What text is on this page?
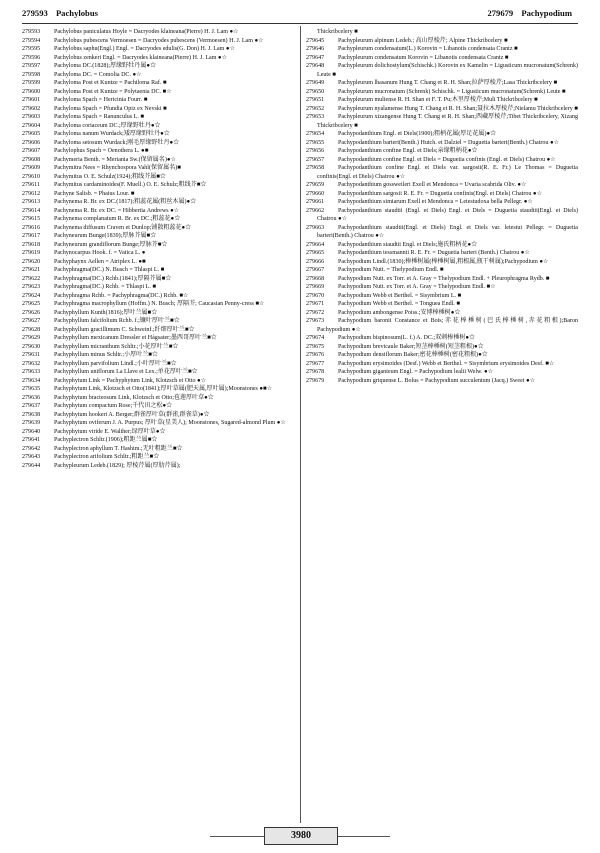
279593 Pachylobus	279679 Pachypodium
279593 Pachylobus paniculatus Hoyle = Dacryodes klaineana(Pierre) H. J. Lam ●☆
279594 Pachylobus pubescens Vermoesen = Dacryodes pubescens (Vermoesen) H. J. Lam ●☆
279595 Pachylobus saphu(Engl.) Engl. = Dacryodes edulis(G. Don) H. J. Lam ●☆
279596 Pachylobus zenkeri Engl. = Dacryodes klaineana(Pierre) H. J. Lam ●☆
279597 Pachyloma DC.(1828);厚缘野牡丹属●☆
279598 Pachyloma DC. = Comolia DC. ●☆
279599 Pachyloma Post et Kuntze = Pachiloma Raf. ■
279600 Pachyloma Post et Kuntze = Polytaenia DC. ■☆
279601 Pachyloma Spach = Hericinia Fourr. ■
279602 Pachyloma Spach = Pfundia Opiz ex Nevski ■
279603 Pachyloma Spach = Ranunculus L. ■
279604 Pachyloma coriaceum DC.;厚缘野牡丹●☆
279605 Pachyloma nanum Wurdack;矮厚缘野牡丹●☆
279606 Pachyloma setosum Wurdack;刚毛厚缘野牡丹●☆
279607 Pachylophus Spach = Oenothera L. ●■
279608 Pachymeria Benth. = Meriania Sw.(保留属名)●☆
279609 Pachymitra Nees = Rhynchospora Vahl(保留属名)■
279610 Pachymitus O. E. Schulz(1924);粗线芥属■☆
279611 Pachymitus cardaminoides(F. Muell.) O. E. Schulz;粗线芥■☆
279612 Pachyne Salisb. = Phaius Lour. ■
279613 Pachynema R. Br. ex DC.(1817);粗蕊花属(粗丝木属)●☆
279614 Pachynema R. Br. ex DC. = Hibbertia Andrews ●☆
279615 Pachynema complanatum R. Br. ex DC.;粗蕊花●☆
279616 Pachynema diffusum Craven et Dunlop;铺散粗蕊花●☆
279617 Pachyneurum Bunge(1839);厚脉芥属■☆
279618 Pachyneurum grandiflorum Bunge;厚脉芥■☆
279619 Pachynocarpus Hook. f. = Vatica L. ●
279620 Pachyphaynx Aellen = Atriplex L. ●■
279621 Pachyphragma(DC.) N. Busch = Thlaspi L. ■
279622 Pachyphragma(DC.) Rchb.(1841);厚隔芥属■☆
279623 Pachyphragma(DC.) Rchb. = Thlaspi L. ■
279624 Pachyphragma Rchb. = Pachyphragma(DC.) Rchb. ■☆
279625 Pachyphragma macrophyllum (Hoffm.) N. Busch; 厚隔芥; Caucasian Penny-cress ■☆
279626 Pachyphyllum Kunth(1816);厚叶兰属■☆
279627 Pachyphyllum falcifolium Rchb. f.;镰叶厚叶兰■☆
279628 Pachyphyllum gracillimum C. Schweinf.;纤细厚叶兰■☆
279629 Pachyphyllum mexicanum Dressler et Hágsater;墨西哥厚叶兰■☆
279630 Pachyphyllum micranthum Schltr.;小花厚叶兰■☆
279631 Pachyphyllum minus Schltr.;小厚叶兰■☆
279632 Pachyphyllum parvifolium Lindl.;小叶厚叶兰■☆
279633 Pachyphyllum uniflorum La Llave et Lex.;单花厚叶兰■☆
279634 Pachyphytum Link = Pachyphytum Link, Klotzsch et Otto ●☆
279635 Pachyphytum Link, Klotzsch et Otto(1841);厚叶草属(肥天属,厚叶属);Moonstones ●■☆
279636 Pachyphytum bracteosum Link, Klotzsch et Otto;苞莲厚叶草●☆
279637 Pachyphytum compactum Rose;千代田之松●☆
279638 Pachyphytum hookeri A. Berger;群雀厚叶草(群雀,群雀草)●☆
279639 Pachyphytum oviferum J. A. Purpus; 厚叶草(星美人); Moonstones, Sugared-almond Plum ●☆
279640 Pachyphytum viride E. Walther;绿厚叶草●☆
279641 Pachyplectron Schltr.(1906);粗距兰属■☆
279642 Pachyplectron aphyllum T. Hashim.;无叶粗距兰■☆
279643 Pachyplectron arifolium Schltr.;粗距兰■☆
279644 Pachypleurum Ledeb.(1829); 厚棱芹属(厚肋芹属);
Thickribcelery ■
279645 Pachypleurum alpinum Ledeb.; 高山厚棱芹; Alpine Thickribcelery ■
279646 Pachypleurum condensatum(L.) Korovin = Libanotis condensata Crantz ■
279647 Pachypleurum condensatum Korovin = Libanotis condensata Crantz ■
279648 Pachypleurum dolichostylum(Schischk.) Korovin ex Kamelin = Ligusticum mucronatum(Schrenk) Leute ■
279649 Pachypleurum lhasanum Hung T. Chang et R. H. Shan;拉萨厚棱芹;Lasa Thickribcelery ■
279650 Pachypleurum mucronatum (Schrenk) Schischk. = Ligusticum mucronatum(Schrenk) Leute ■
279651 Pachypleurum muliense R. H. Shan et F. T. Pu;木里厚棱芹;Muli Thickribcelery ■
279652 Pachypleurum nyalamense Hung T. Chang et R. H. Shan;聂拉木厚棱芹;Nielamu Thickribcelery ■
279653 Pachypleurum xizangense Hung T. Chang et R. H. Shan;西藏厚棱芹;Tibet Thickribcelery, Xizang Thickribcelery ■
279654 Pachypodanthium Engl. et Diels(1900);粗柄花属(厚足花属)●☆
279655 Pachypodanthium barteri(Benth.) Hutch. et Dalziel = Duguetia barteri(Benth.) Chatrou ●☆
279656 Pachypodanthium confine Engl. et Diels;亲缘粗柄花●☆
279657 Pachypodanthium confine Engl. et Diels = Duguetia confinis (Engl. et Diels) Chatrou ●☆
279658 Pachypodanthium confine Engl. et Diels var. sargosii(R. E. Fr.) Le Thomas = Duguetia confinis(Engl. et Diels) Chatrou ●☆
279659 Pachypodanthium gossweileri Exell et Mendonca = Uvaria scabrida Oliv. ●☆
279660 Pachypodanthium sargosii R. E. Fr. = Duguetia confinis(Engl. et Diels) Chatrou ●☆
279661 Pachypodanthium simiarum Exell et Mendonca = Letestudoxa bella Pellegr. ●☆
279662 Pachypodanthium staudtii (Engl. et Diels) Engl. et Diels = Duguetia staudtii(Engl. et Diels) Chatrou ●☆
279663 Pachypodanthium staudtii(Engl. et Diels) Engl. et Diels var. letestui Pellegr. = Duguetia barteri(Benth.) Chatrou ●☆
279664 Pachypodanthium staudtii Engl. et Diels;施氏粗柄花●☆
279665 Pachypodanthium tessmannii R. E. Fr. = Duguetia barteri (Benth.) Chatrou ●☆
279666 Pachypodium Lindl.(1830);棒棰树属(棒棰树属,粗根属,瓶干树属);Pachypodium ●☆
279667 Pachypodium Nutt. = Thelypodium Endl. ■
279668 Pachypodium Nutt. ex Torr. et A. Gray = Thelypodium Endl. + Pleurophragma Rydb. ■
279669 Pachypodium Nutt. ex Torr. et A. Gray = Thelypodium Endl. ■☆
279670 Pachypodium Webb et Berthel. = Sisymbrium L. ■
279671 Pachypodium Webb et Berthel. = Tonguea Endl. ■
279672 Pachypodium ambongense Poiss.;安博棒棰树●☆
279673 Pachypodium baronii Constance et Bois;赤花棒棰树(巴氏棒棰树,赤花粗根);Baron Pachypodium ●☆
279674 Pachypodium bispinosum(L. f.) A. DC.;双刺棒棰树●☆
279675 Pachypodium brevicaule Baker;短茎棒棰树(短茎粗根)●☆
279676 Pachypodium densiflorum Baker;密花棒棰树(密花粗根)●☆
279677 Pachypodium erysimoides (Desf.) Webb et Berthel. = Sisymbrium erysimoides Desf. ■☆
279678 Pachypodium giganteum Engl. = Pachypodium lealii Welw. ●☆
279679 Pachypodium griquense L. Bolus = Pachypodium succulentum (Jacq.) Sweet ●☆
3980
